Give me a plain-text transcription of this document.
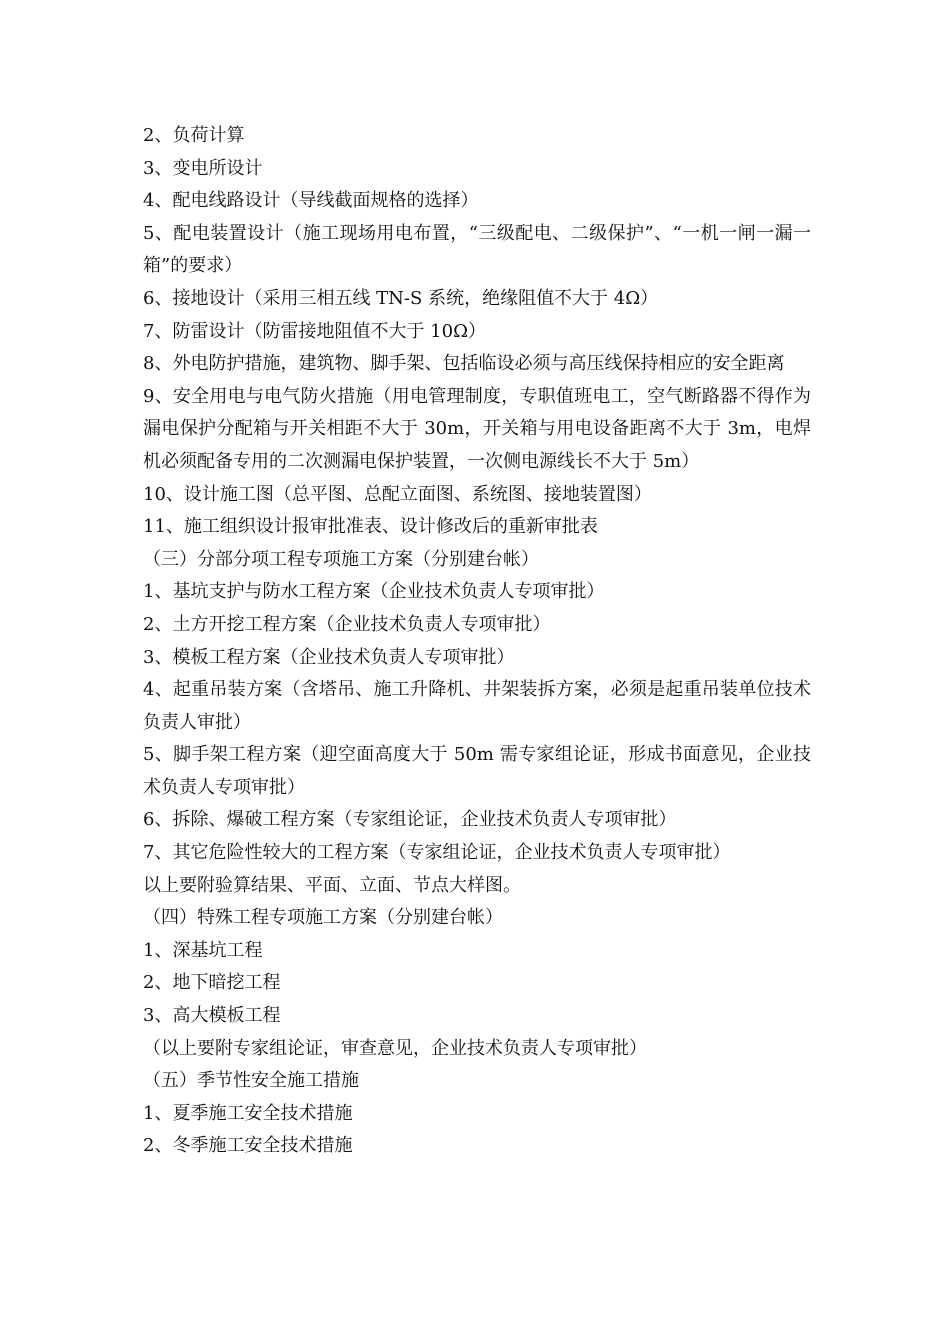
2、负荷计算

3、变电所设计

4、配电线路设计（导线截面规格的选择）

5、配电装置设计（施工现场用电布置，“三级配电、二级保护”、“一机一闸一漏一箱”的要求）

6、接地设计（采用三相五线 TN-S 系统，绝缘阻值不大于 4Ω）

7、防雷设计（防雷接地阻值不大于 10Ω）

8、外电防护措施，建筑物、脚手架、包括临设必须与高压线保持相应的安全距离

9、安全用电与电气防火措施（用电管理制度，专职值班电工，空气断路器不得作为漏电保护分配箱与开关相距不大于 30m，开关箱与用电设备距离不大于 3m，电焊机必须配备专用的二次测漏电保护装置，一次侧电源线长不大于 5m）

10、设计施工图（总平图、总配立面图、系统图、接地装置图）

11、施工组织设计报审批准表、设计修改后的重新审批表

（三）分部分项工程专项施工方案（分别建台帐）

1、基坑支护与防水工程方案（企业技术负责人专项审批）

2、土方开挖工程方案（企业技术负责人专项审批）

3、模板工程方案（企业技术负责人专项审批）

4、起重吊装方案（含塔吊、施工升降机、井架装拆方案，必须是起重吊装单位技术负责人审批）

5、脚手架工程方案（迎空面高度大于 50m 需专家组论证，形成书面意见，企业技术负责人专项审批）

6、拆除、爆破工程方案（专家组论证，企业技术负责人专项审批）

7、其它危险性较大的工程方案（专家组论证，企业技术负责人专项审批）

以上要附验算结果、平面、立面、节点大样图。

（四）特殊工程专项施工方案（分别建台帐）

1、深基坑工程

2、地下暗挖工程

3、高大模板工程

（以上要附专家组论证，审查意见，企业技术负责人专项审批）

（五）季节性安全施工措施

1、夏季施工安全技术措施

2、冬季施工安全技术措施
